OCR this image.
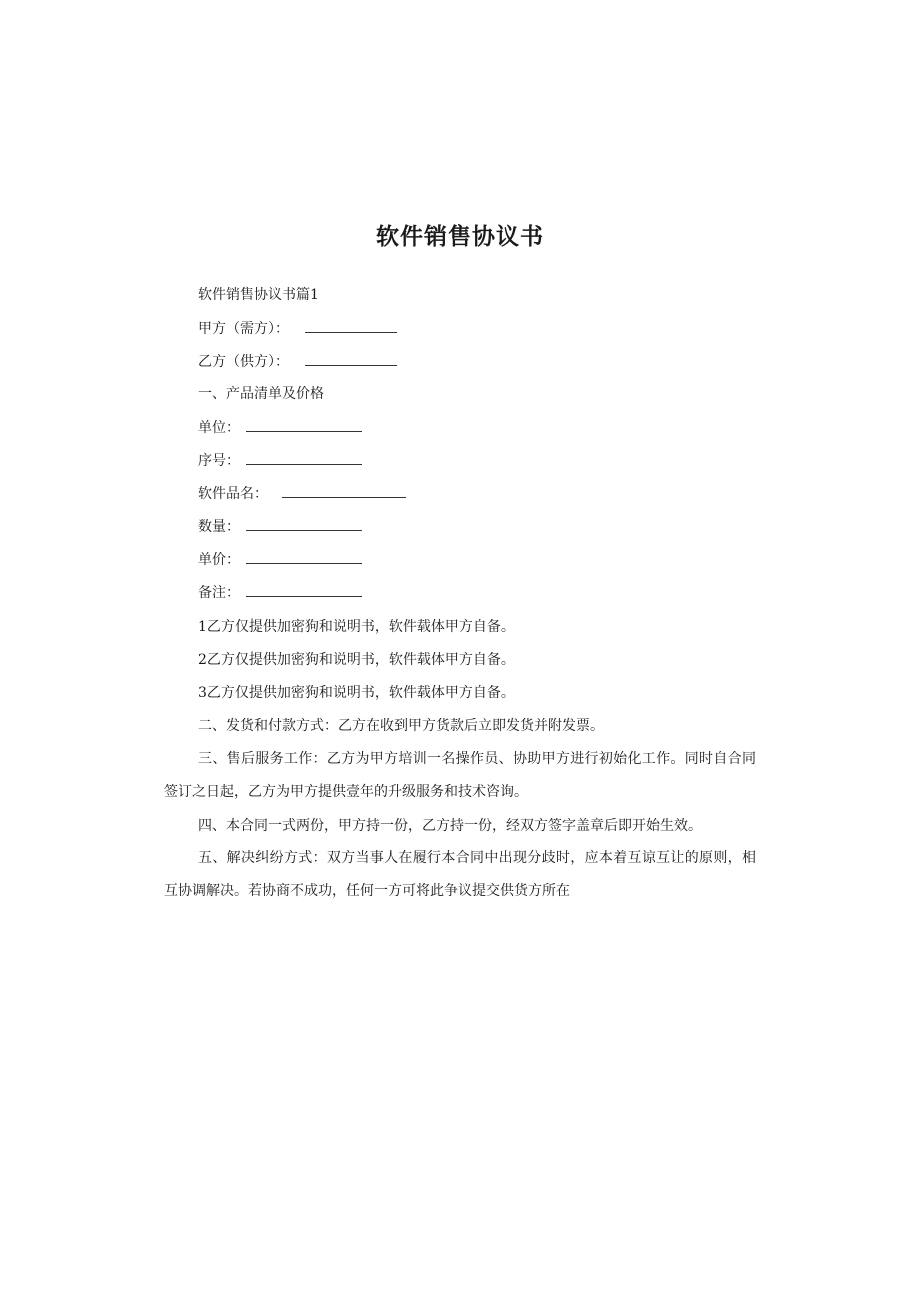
软件销售协议书
软件销售协议书篇1
甲方（需方）：
乙方（供方）：
一、产品清单及价格
单位：
序号：
软件品名：
数量：
单价：
备注：
1乙方仅提供加密狗和说明书，软件载体甲方自备。
2乙方仅提供加密狗和说明书，软件载体甲方自备。
3乙方仅提供加密狗和说明书，软件载体甲方自备。
二、发货和付款方式：乙方在收到甲方货款后立即发货并附发票。
三、售后服务工作：乙方为甲方培训一名操作员、协助甲方进行初始化工作。同时自合同签订之日起，乙方为甲方提供壹年的升级服务和技术咨询。
四、本合同一式两份，甲方持一份，乙方持一份，经双方签字盖章后即开始生效。
五、解决纠纷方式：双方当事人在履行本合同中出现分歧时，应本着互谅互让的原则，相互协调解决。若协商不成功，任何一方可将此争议提交供货方所在
